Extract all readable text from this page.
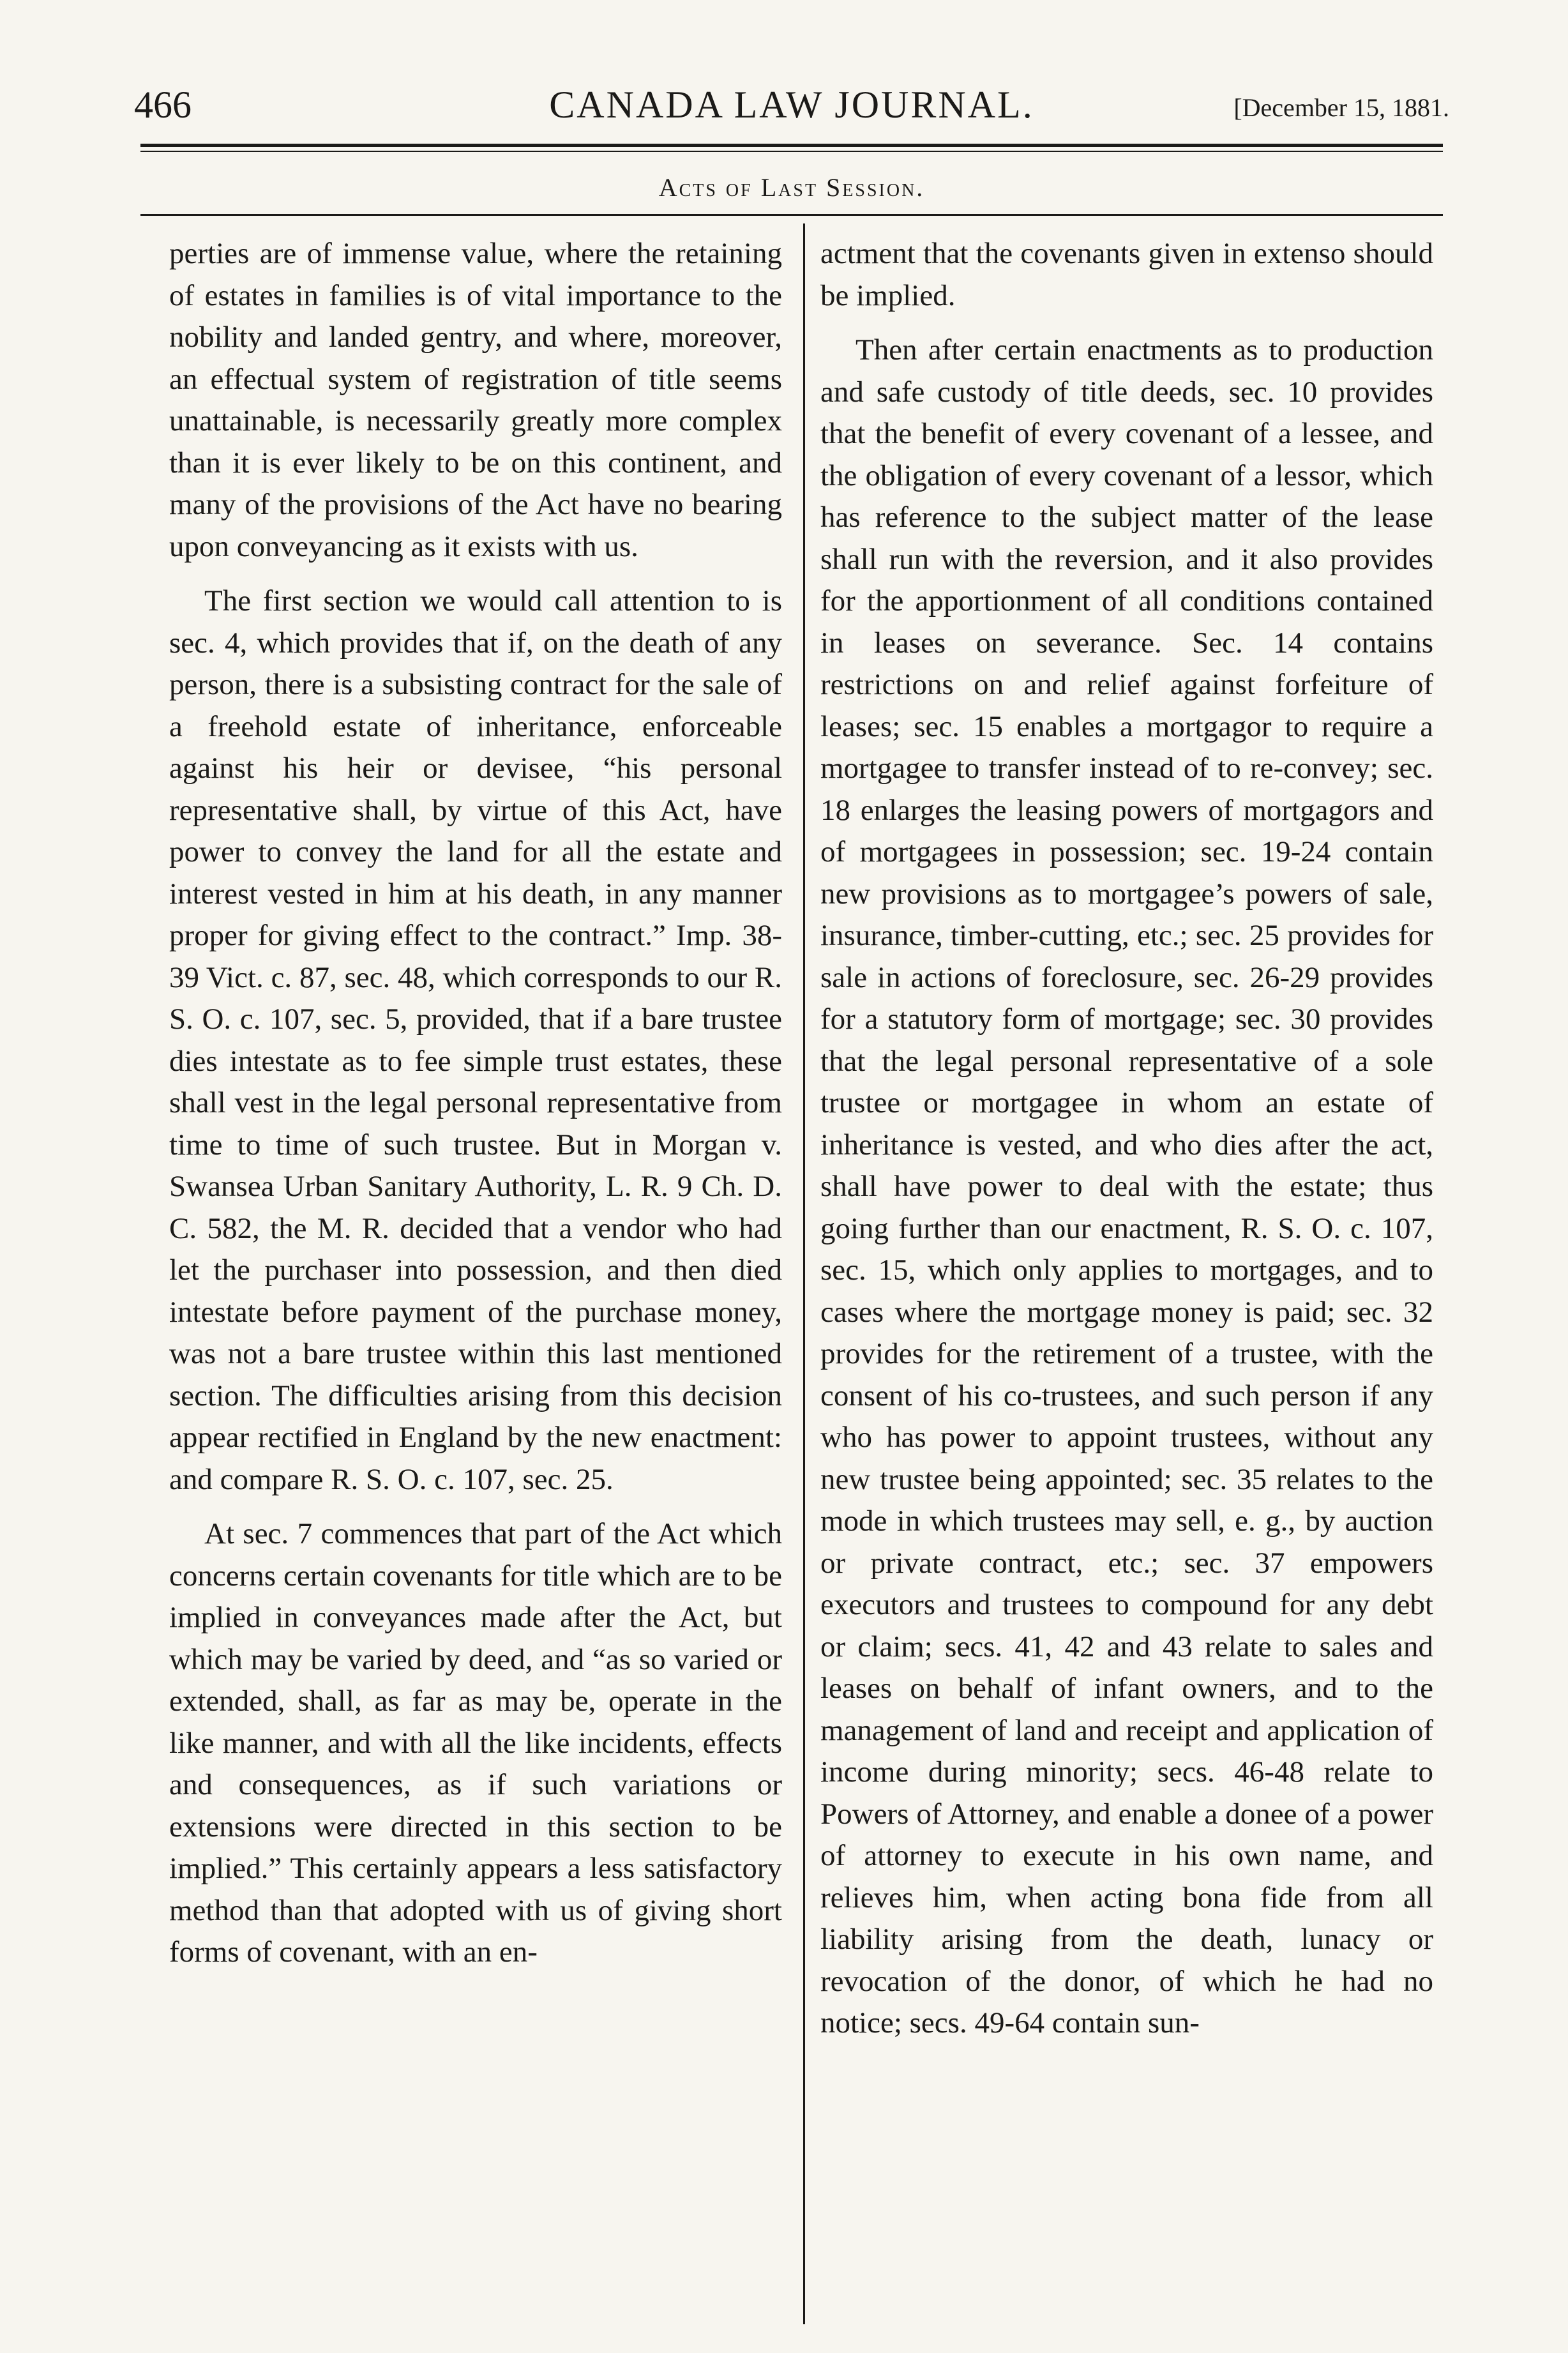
466	CANADA LAW JOURNAL.	[December 15, 1881.
Acts of Last Session.

perties are of immense value, where the retaining of estates in families is of vital importance to the nobility and landed gentry, and where, moreover, an effectual system of registration of title seems unattainable, is necessarily greatly more complex than it is ever likely to be on this continent, and many of the provisions of the Act have no bearing upon conveyancing as it exists with us.

The first section we would call attention to is sec. 4, which provides that if, on the death of any person, there is a subsisting contract for the sale of a freehold estate of inheritance, enforceable against his heir or devisee, “his personal representative shall, by virtue of this Act, have power to convey the land for all the estate and interest vested in him at his death, in any manner proper for giving effect to the contract.” Imp. 38-39 Vict. c. 87, sec. 48, which corresponds to our R. S. O. c. 107, sec. 5, provided, that if a bare trustee dies intestate as to fee simple trust estates, these shall vest in the legal personal representative from time to time of such trustee. But in Morgan v. Swansea Urban Sanitary Authority, L. R. 9 Ch. D. C. 582, the M. R. decided that a vendor who had let the purchaser into possession, and then died intestate before payment of the purchase money, was not a bare trustee within this last mentioned section. The difficulties arising from this decision appear rectified in England by the new enactment: and compare R. S. O. c. 107, sec. 25.

At sec. 7 commences that part of the Act which concerns certain covenants for title which are to be implied in conveyances made after the Act, but which may be varied by deed, and “as so varied or extended, shall, as far as may be, operate in the like manner, and with all the like incidents, effects and consequences, as if such variations or extensions were directed in this section to be implied.” This certainly appears a less satisfactory method than that adopted with us of giving short forms of covenant, with an en-

actment that the covenants given in extenso should be implied.

Then after certain enactments as to production and safe custody of title deeds, sec. 10 provides that the benefit of every covenant of a lessee, and the obligation of every covenant of a lessor, which has reference to the subject matter of the lease shall run with the reversion, and it also provides for the apportionment of all conditions contained in leases on severance. Sec. 14 contains restrictions on and relief against forfeiture of leases; sec. 15 enables a mortgagor to require a mortgagee to transfer instead of to re-convey; sec. 18 enlarges the leasing powers of mortgagors and of mortgagees in possession; sec. 19-24 contain new provisions as to mortgagee’s powers of sale, insurance, timber-cutting, etc.; sec. 25 provides for sale in actions of foreclosure, sec. 26-29 provides for a statutory form of mortgage; sec. 30 provides that the legal personal representative of a sole trustee or mortgagee in whom an estate of inheritance is vested, and who dies after the act, shall have power to deal with the estate; thus going further than our enactment, R. S. O. c. 107, sec. 15, which only applies to mortgages, and to cases where the mortgage money is paid; sec. 32 provides for the retirement of a trustee, with the consent of his co-trustees, and such person if any who has power to appoint trustees, without any new trustee being appointed; sec. 35 relates to the mode in which trustees may sell, e. g., by auction or private contract, etc.; sec. 37 empowers executors and trustees to compound for any debt or claim; secs. 41, 42 and 43 relate to sales and leases on behalf of infant owners, and to the management of land and receipt and application of income during minority; secs. 46-48 relate to Powers of Attorney, and enable a donee of a power of attorney to execute in his own name, and relieves him, when acting bona fide from all liability arising from the death, lunacy or revocation of the donor, of which he had no notice; secs. 49-64 contain sun-
